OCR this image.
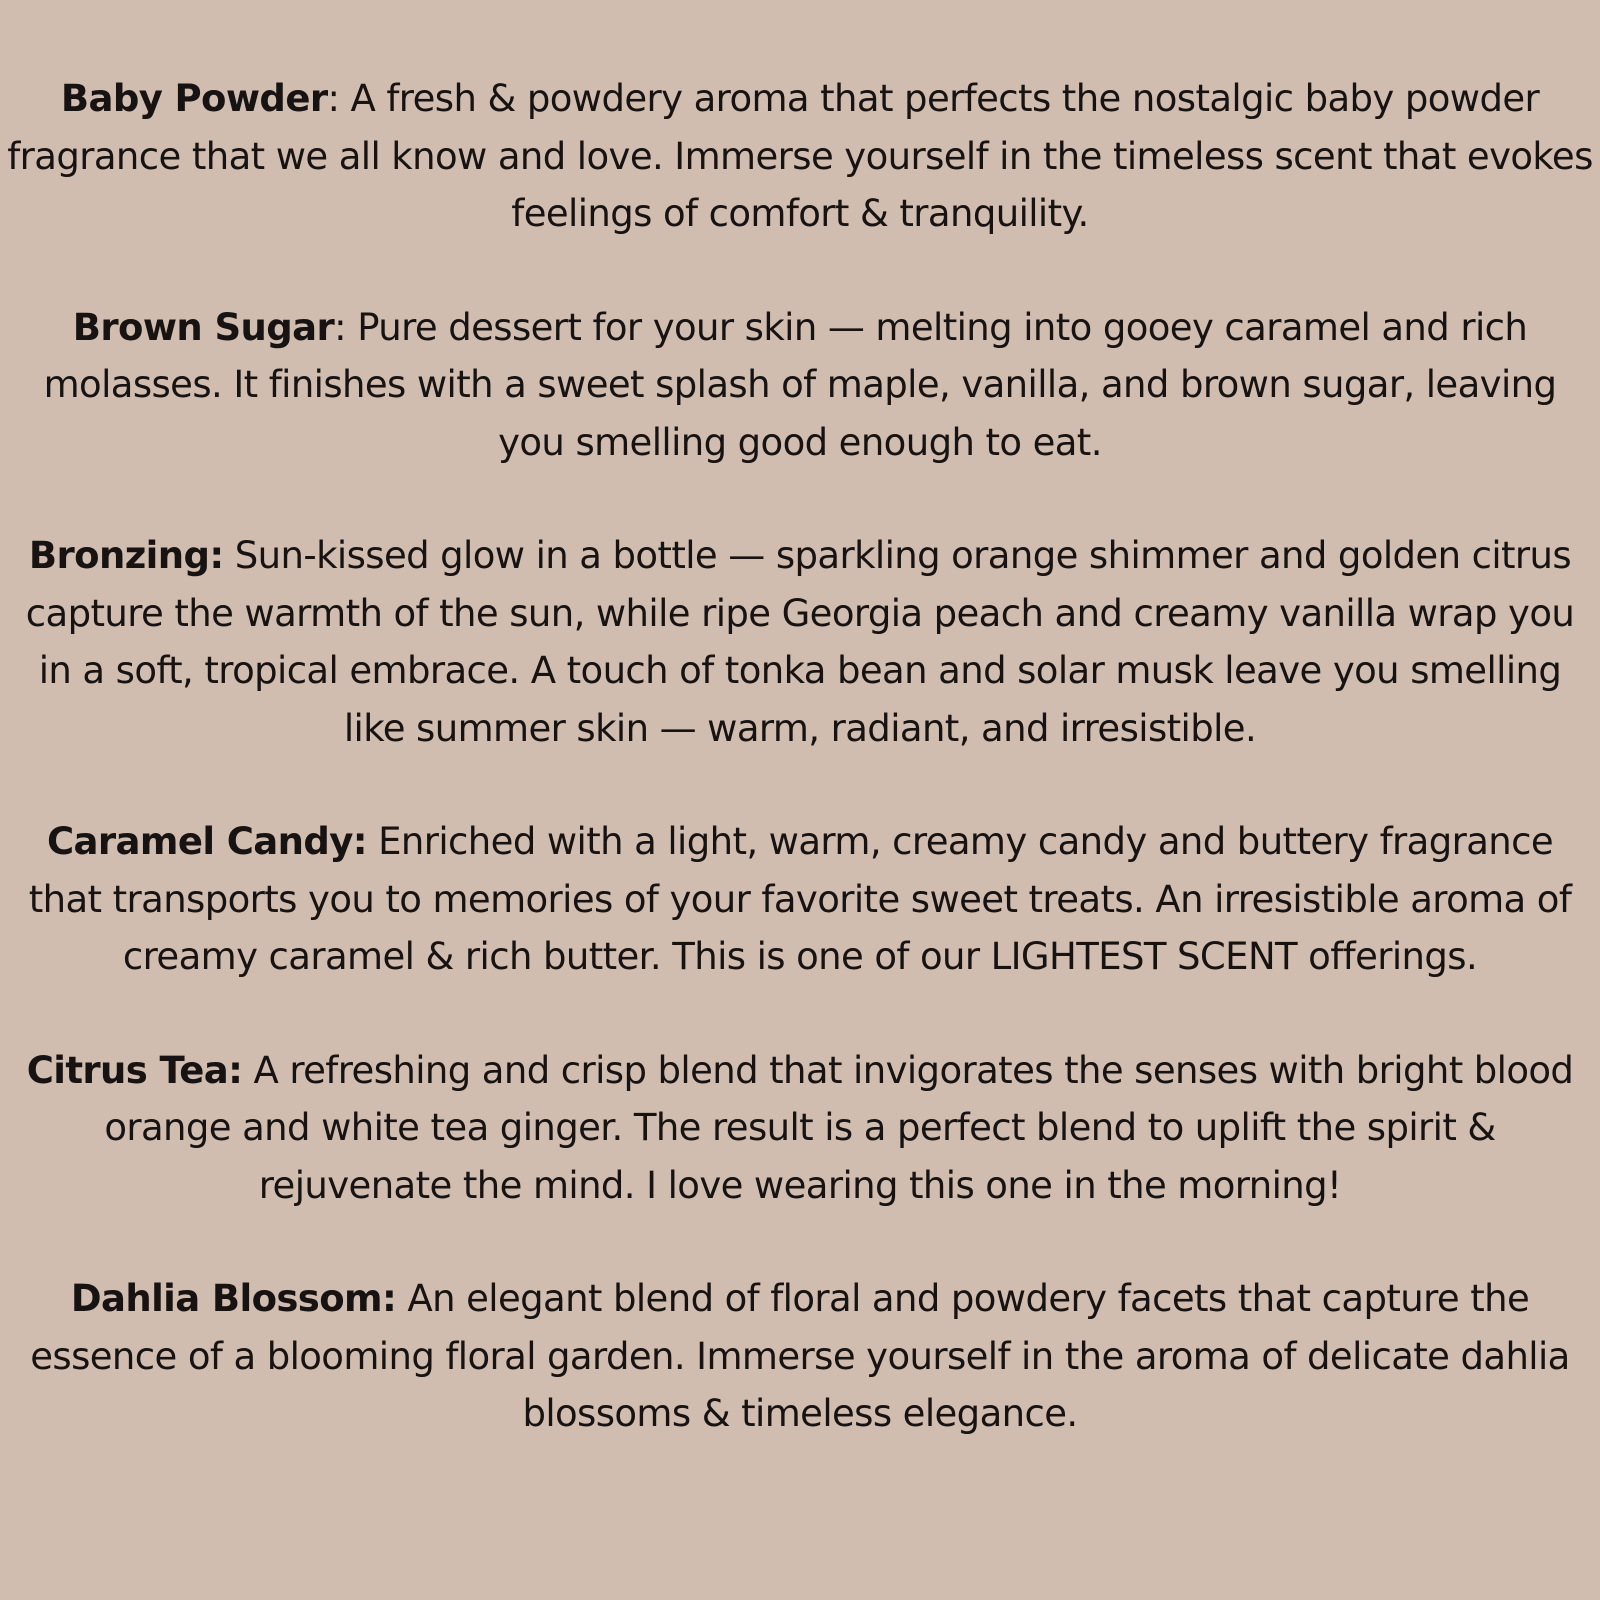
Baby Powder: A fresh & powdery aroma that perfects the nostalgic baby powder fragrance that we all know and love. Immerse yourself in the timeless scent that evokes feelings of comfort & tranquility.

Brown Sugar: Pure dessert for your skin — melting into gooey caramel and rich molasses. It finishes with a sweet splash of maple, vanilla, and brown sugar, leaving you smelling good enough to eat.

Bronzing: Sun-kissed glow in a bottle — sparkling orange shimmer and golden citrus capture the warmth of the sun, while ripe Georgia peach and creamy vanilla wrap you in a soft, tropical embrace. A touch of tonka bean and solar musk leave you smelling like summer skin — warm, radiant, and irresistible.

Caramel Candy: Enriched with a light, warm, creamy candy and buttery fragrance that transports you to memories of your favorite sweet treats. An irresistible aroma of creamy caramel & rich butter. This is one of our LIGHTEST SCENT offerings.

Citrus Tea: A refreshing and crisp blend that invigorates the senses with bright blood orange and white tea ginger. The result is a perfect blend to uplift the spirit & rejuvenate the mind. I love wearing this one in the morning!

Dahlia Blossom: An elegant blend of floral and powdery facets that capture the essence of a blooming floral garden. Immerse yourself in the aroma of delicate dahlia blossoms & timeless elegance.
